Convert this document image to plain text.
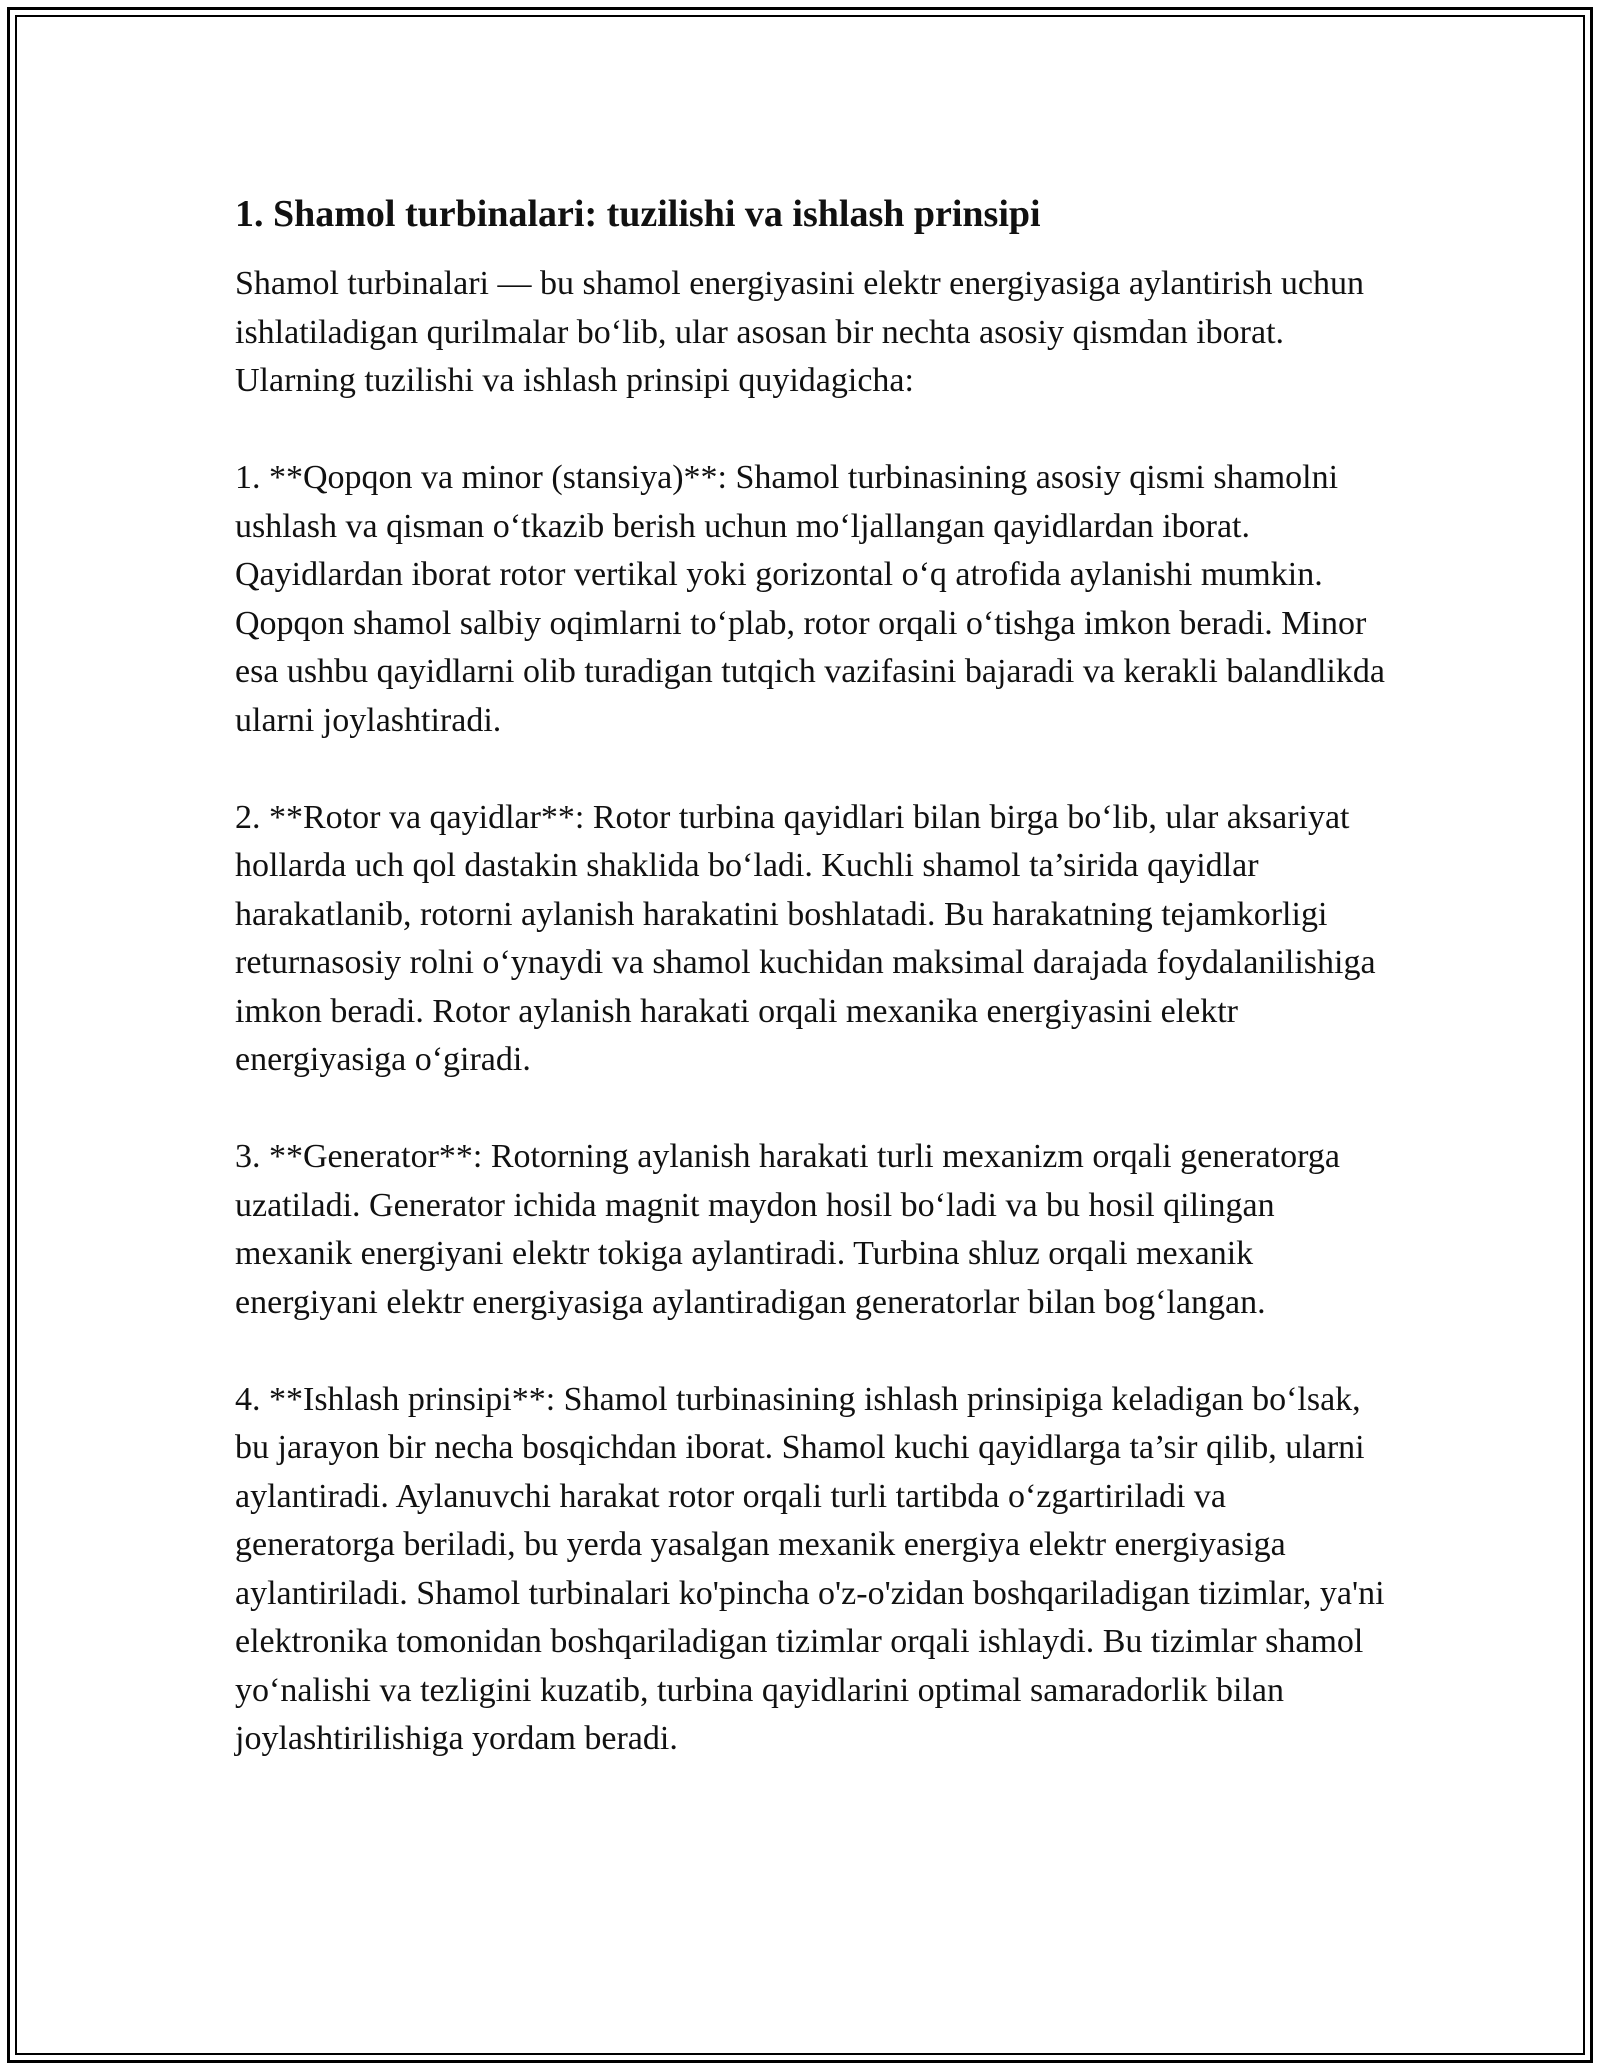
1. Shamol turbinalari: tuzilishi va ishlash prinsipi

Shamol turbinalari — bu shamol energiyasini elektr energiyasiga aylantirish uchun ishlatiladigan qurilmalar bo‘lib, ular asosan bir nechta asosiy qismdan iborat. Ularning tuzilishi va ishlash prinsipi quyidagicha:

1. **Qopqon va minor (stansiya)**: Shamol turbinasining asosiy qismi shamolni ushlash va qisman o‘tkazib berish uchun mo‘ljallangan qayidlardan iborat. Qayidlardan iborat rotor vertikal yoki gorizontal o‘q atrofida aylanishi mumkin. Qopqon shamol salbiy oqimlarni to‘plab, rotor orqali o‘tishga imkon beradi. Minor esa ushbu qayidlarni olib turadigan tutqich vazifasini bajaradi va kerakli balandlikda ularni joylashtiradi.

2. **Rotor va qayidlar**: Rotor turbina qayidlari bilan birga bo‘lib, ular aksariyat hollarda uch qol dastakin shaklida bo‘ladi. Kuchli shamol ta’sirida qayidlar harakatlanib, rotorni aylanish harakatini boshlatadi. Bu harakatning tejamkorligi returnasosiy rolni o‘ynaydi va shamol kuchidan maksimal darajada foydalanilishiga imkon beradi. Rotor aylanish harakati orqali mexanika energiyasini elektr energiyasiga o‘giradi.

3. **Generator**: Rotorning aylanish harakati turli mexanizm orqali generatorga uzatiladi. Generator ichida magnit maydon hosil bo‘ladi va bu hosil qilingan mexanik energiyani elektr tokiga aylantiradi. Turbina shluz orqali mexanik energiyani elektr energiyasiga aylantiradigan generatorlar bilan bog‘langan.

4. **Ishlash prinsipi**: Shamol turbinasining ishlash prinsipiga keladigan bo‘lsak, bu jarayon bir necha bosqichdan iborat. Shamol kuchi qayidlarga ta’sir qilib, ularni aylantiradi. Aylanuvchi harakat rotor orqali turli tartibda o‘zgartiriladi va generatorga beriladi, bu yerda yasalgan mexanik energiya elektr energiyasiga aylantiriladi. Shamol turbinalari ko'pincha o'z-o'zidan boshqariladigan tizimlar, ya'ni elektronika tomonidan boshqariladigan tizimlar orqali ishlaydi. Bu tizimlar shamol yo‘nalishi va tezligini kuzatib, turbina qayidlarini optimal samaradorlik bilan joylashtirilishiga yordam beradi.
